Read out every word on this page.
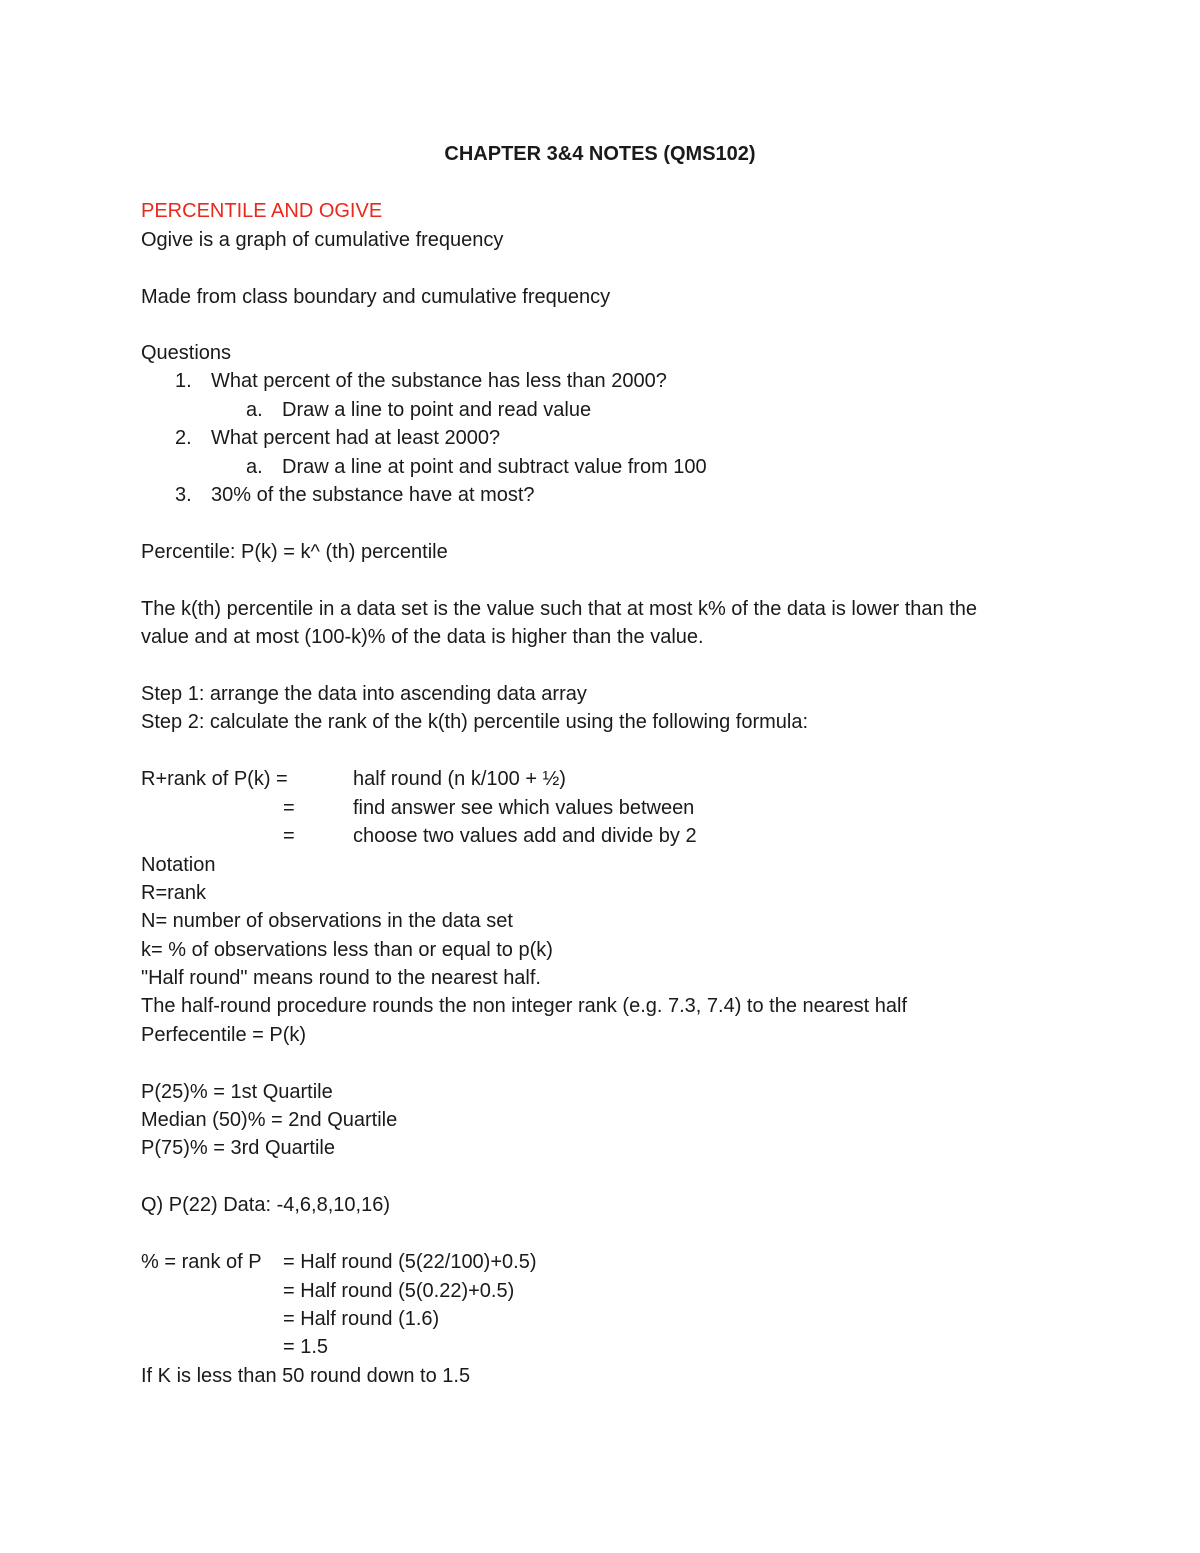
CHAPTER 3&4 NOTES (QMS102)
PERCENTILE AND OGIVE
Ogive is a graph of cumulative frequency
Made from class boundary and cumulative frequency
Questions
1. What percent of the substance has less than 2000?
a. Draw a line to point and read value
2. What percent had at least 2000?
a. Draw a line at point and subtract value from 100
3. 30% of the substance have at most?
Percentile: P(k) = k^ (th) percentile
The k(th) percentile in a data set is the value such that at most k% of the data is lower than the
value and at most (100-k)% of the data is higher than the value.
Step 1: arrange the data into ascending data array
Step 2: calculate the rank of the k(th) percentile using the following formula:
R+rank of P(k) =	half round (n k/100 + ½)
=	find answer see which values between
=	choose two values add and divide by 2
Notation
R=rank
N= number of observations in the data set
k= % of observations less than or equal to p(k)
"Half round" means round to the nearest half.
The half-round procedure rounds the non integer rank (e.g. 7.3, 7.4) to the nearest half
Perfecentile = P(k)
P(25)% = 1st Quartile
Median (50)% = 2nd Quartile
P(75)% = 3rd Quartile
Q) P(22) Data: -4,6,8,10,16)
% = rank of P = Half round (5(22/100)+0.5)
= Half round (5(0.22)+0.5)
= Half round (1.6)
= 1.5
If K is less than 50 round down to 1.5
